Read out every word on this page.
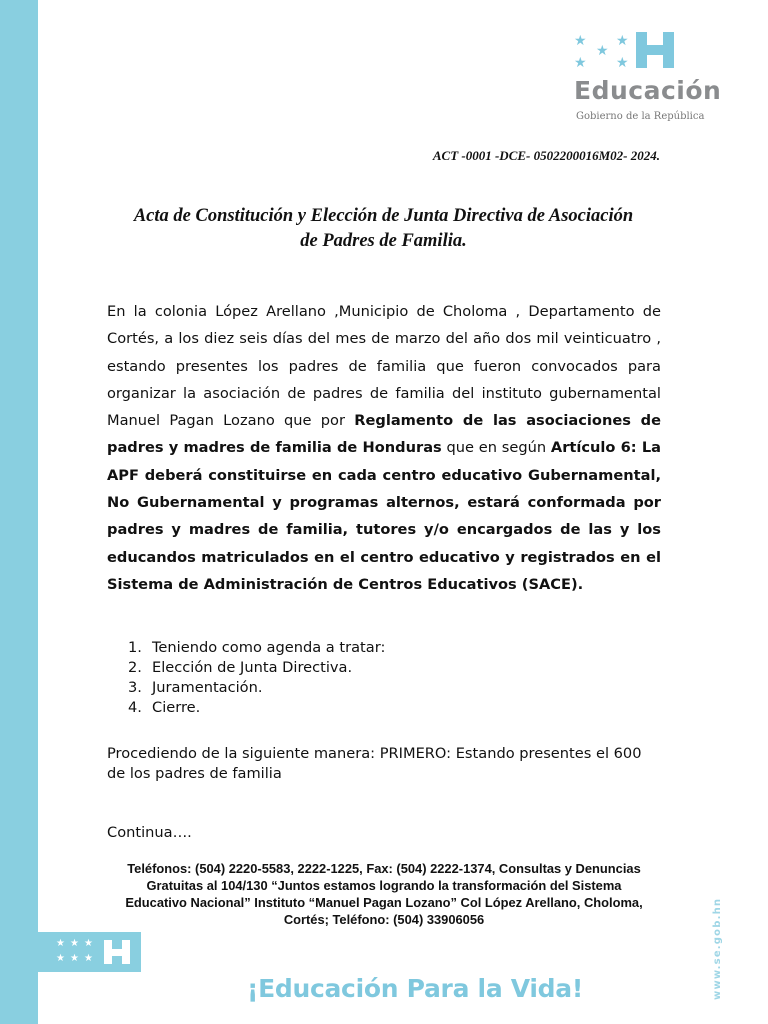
★
★
★
★ ★
Educación
Gobierno de la República
ACT -0001 -DCE- 0502200016M02- 2024.
Acta de Constitución y Elección de Junta Directiva de Asociación
de Padres de Familia.
En la colonia López Arellano ,Municipio de Choloma , Departamento de Cortés, a los diez seis días del mes de marzo del año dos mil veinticuatro , estando presentes los padres de familia que fueron convocados para organizar la asociación de padres de familia del instituto gubernamental Manuel Pagan Lozano que por Reglamento de las asociaciones de padres y madres de familia de Honduras que en según Artículo 6: La APF deberá constituirse en cada centro educativo Gubernamental, No Gubernamental y programas alternos, estará conformada por padres y madres de familia, tutores y/o encargados de las y los educandos matriculados en el centro educativo y registrados en el Sistema de Administración de Centros Educativos (SACE).
1. Teniendo como agenda a tratar:
2. Elección de Junta Directiva.
3. Juramentación.
4. Cierre.
Procediendo de la siguiente manera: PRIMERO: Estando presentes el 600 de los padres de familia
Continua….
Teléfonos: (504) 2220-5583, 2222-1225, Fax: (504) 2222-1374, Consultas y Denuncias
Gratuitas al 104/130 “Juntos estamos logrando la transformación del Sistema
Educativo Nacional” Instituto “Manuel Pagan Lozano” Col López Arellano, Choloma,
Cortés; Teléfono: (504) 33906056
★ ★ ★
★ ★ ★
¡Educación Para la Vida!	www.se.gob.hn
